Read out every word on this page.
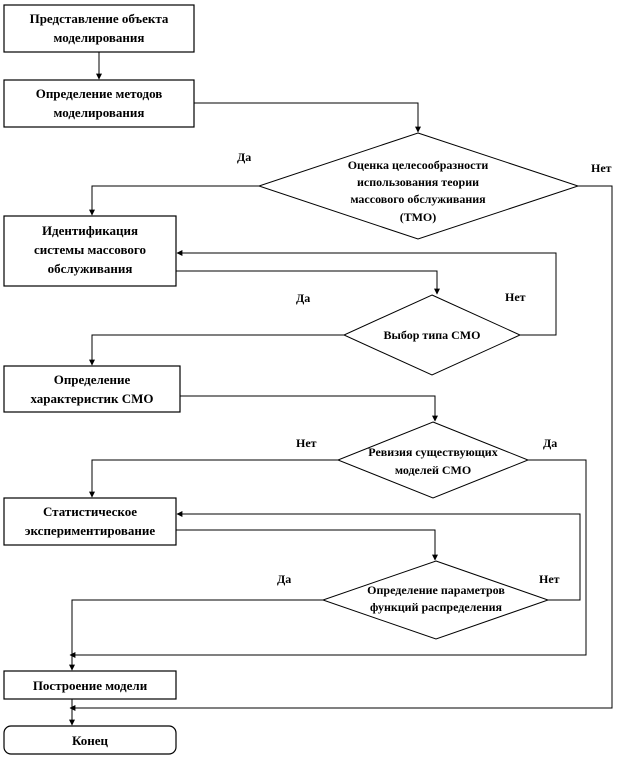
Представление объекта
моделирования
Определение методов
моделирования
Идентификация
системы массового
обслуживания
Определение
характеристик СМО
Статистическое
экспериментирование
Построение модели
Конец
Оценка целесообразности
использования теории
массового обслуживания
(ТМО)
Выбор типа СМО
Ревизия существующих
моделей СМО
Определение параметров
функций распределения
Да
Нет
Да	Нет
Нет	Да
Да	Нет
